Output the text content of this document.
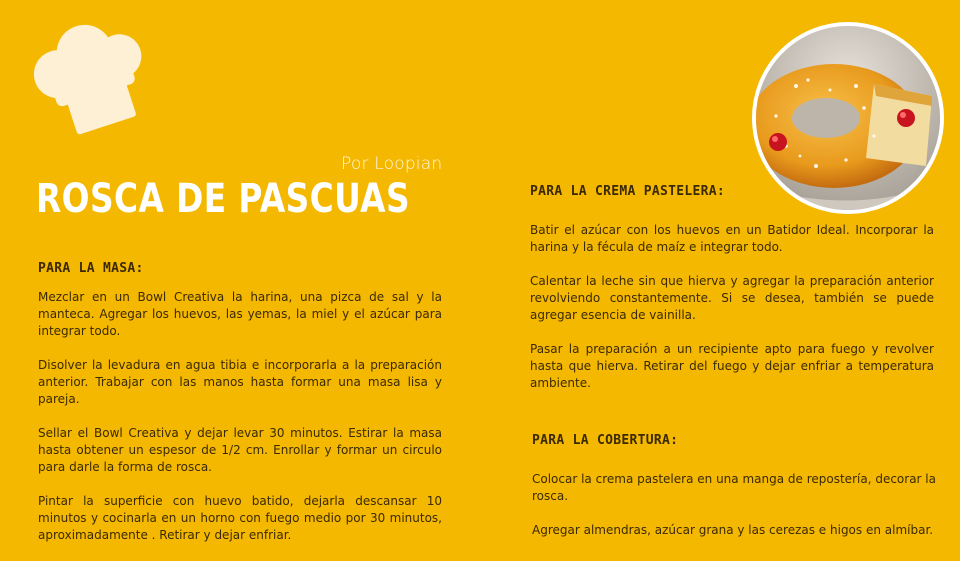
Por Loopian
ROSCA DE PASCUAS
PARA LA MASA:

Mezclar en un Bowl Creativa la harina, una pizca de sal y la manteca. Agregar los huevos, las yemas, la miel y el azúcar para integrar todo.

Disolver la levadura en agua tibia e incorporarla a la preparación anterior. Trabajar con las manos hasta formar una masa lisa y pareja.

Sellar el Bowl Creativa y dejar levar 30 minutos. Estirar la masa hasta obtener un espesor de 1/2 cm. Enrollar y formar un circulo para darle la forma de rosca.

Pintar la superficie con huevo batido, dejarla descansar 10 minutos y cocinarla en un horno con fuego medio por 30 minutos, aproximadamente . Retirar y dejar enfriar.

PARA LA CREMA PASTELERA:

Batir el azúcar con los huevos en un Batidor Ideal. Incorporar la harina y la fécula de maíz e integrar todo.

Calentar la leche sin que hierva y agregar la preparación anterior revolviendo constantemente. Si se desea, también se puede agregar esencia de vainilla.

Pasar la preparación a un recipiente apto para fuego y revolver hasta que hierva. Retirar del fuego y dejar enfriar a temperatura ambiente.

PARA LA COBERTURA:

Colocar la crema pastelera en una manga de repostería, decorar la rosca.

Agregar almendras, azúcar grana y las cerezas e higos en almíbar.
